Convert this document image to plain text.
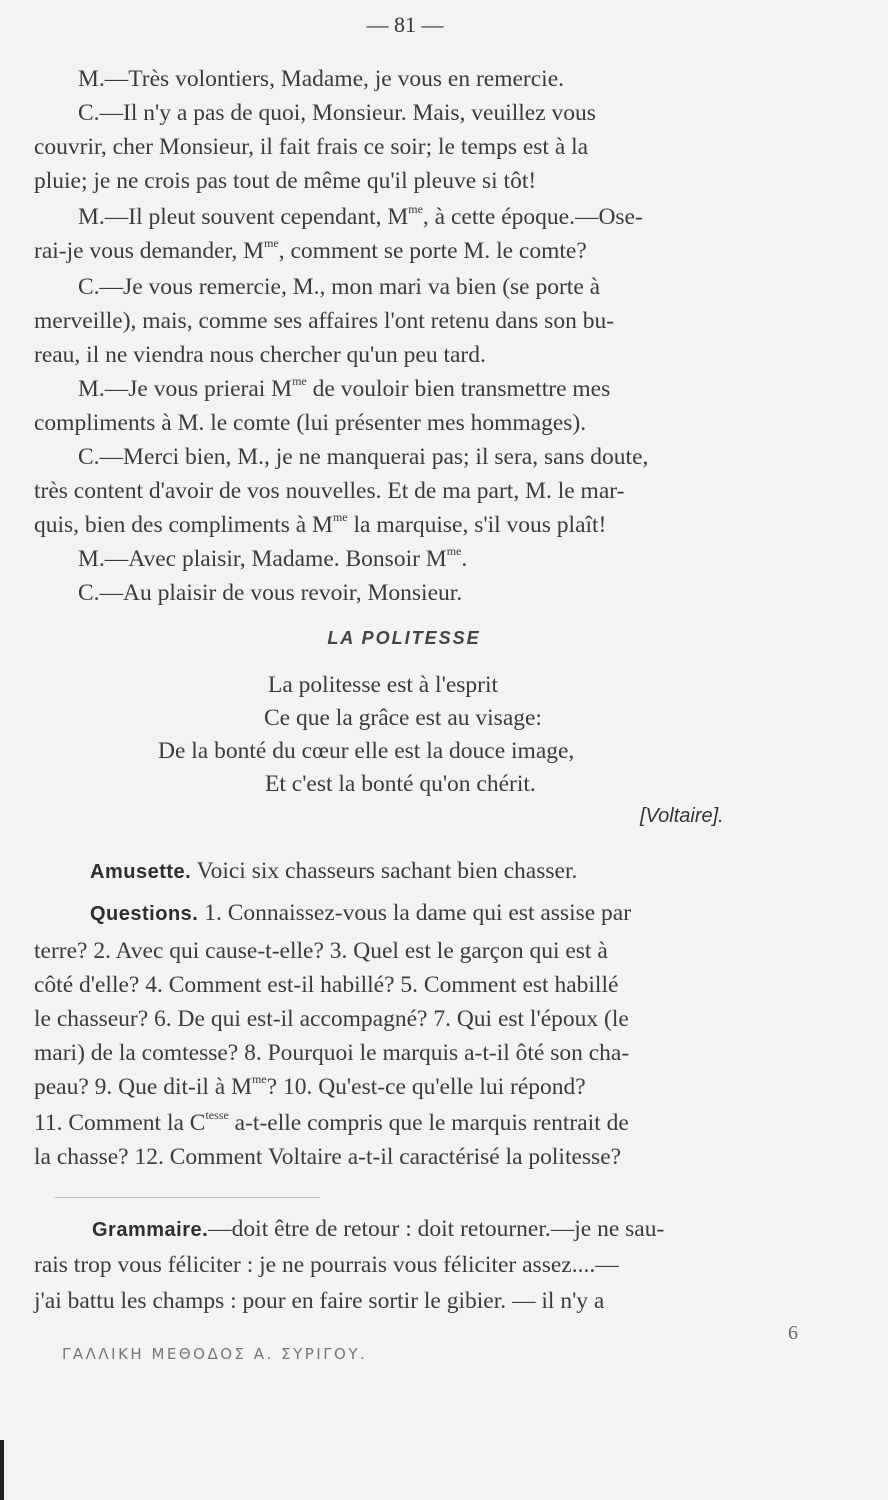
— 81 —
M.—Très volontiers, Madame, je vous en remercie.
C.—Il n'y a pas de quoi, Monsieur. Mais, veuillez vous
couvrir, cher Monsieur, il fait frais ce soir; le temps est à la
pluie; je ne crois pas tout de même qu'il pleuve si tôt!
M.—Il pleut souvent cependant, $M^{me}$, à cette époque.—Ose-
rai-je vous demander, $M^{me}$, comment se porte M. le comte?
C.—Je vous remercie, M., mon mari va bien (se porte à
merveille), mais, comme ses affaires l'ont retenu dans son bu-
reau, il ne viendra nous chercher qu'un peu tard.
M.—Je vous prierai $M^{me}$ de vouloir bien transmettre mes
compliments à M. le comte (lui présenter mes hommages).
C.—Merci bien, M., je ne manquerai pas; il sera, sans doute,
très content d'avoir de vos nouvelles. Et de ma part, M. le mar-
quis, bien des compliments à $M^{me}$ la marquise, s'il vous plaît!
M.—Avec plaisir, Madame. Bonsoir $M^{me}$.
C.—Au plaisir de vous revoir, Monsieur.
LA POLITESSE
La politesse est à l'esprit
Ce que la grâce est au visage:
De la bonté du cœur elle est la douce image,
Et c'est la bonté qu'on chérit.
[Voltaire].
Amusette. Voici six chasseurs sachant bien chasser.
Questions. 1. Connaissez-vous la dame qui est assise par
terre? 2. Avec qui cause-t-elle? 3. Quel est le garçon qui est à
côté d'elle? 4. Comment est-il habillé? 5. Comment est habillé
le chasseur? 6. De qui est-il accompagné? 7. Qui est l'époux (le
mari) de la comtesse? 8. Pourquoi le marquis a-t-il ôté son cha-
peau? 9. Que dit-il à $M^{me}$? 10. Qu'est-ce qu'elle lui répond?
11. Comment la $C^{tesse}$ a-t-elle compris que le marquis rentrait de
la chasse? 12. Comment Voltaire a-t-il caractérisé la politesse?
Grammaire.—doit être de retour : doit retourner.—je ne sau-
rais trop vous féliciter : je ne pourrais vous féliciter assez....—
j'ai battu les champs : pour en faire sortir le gibier. — il n'y a
ΓΑΛΛΙΚΗ ΜΕΘΟΔΟΣ Α. ΣΥΡΙΓΟΥ.
6
